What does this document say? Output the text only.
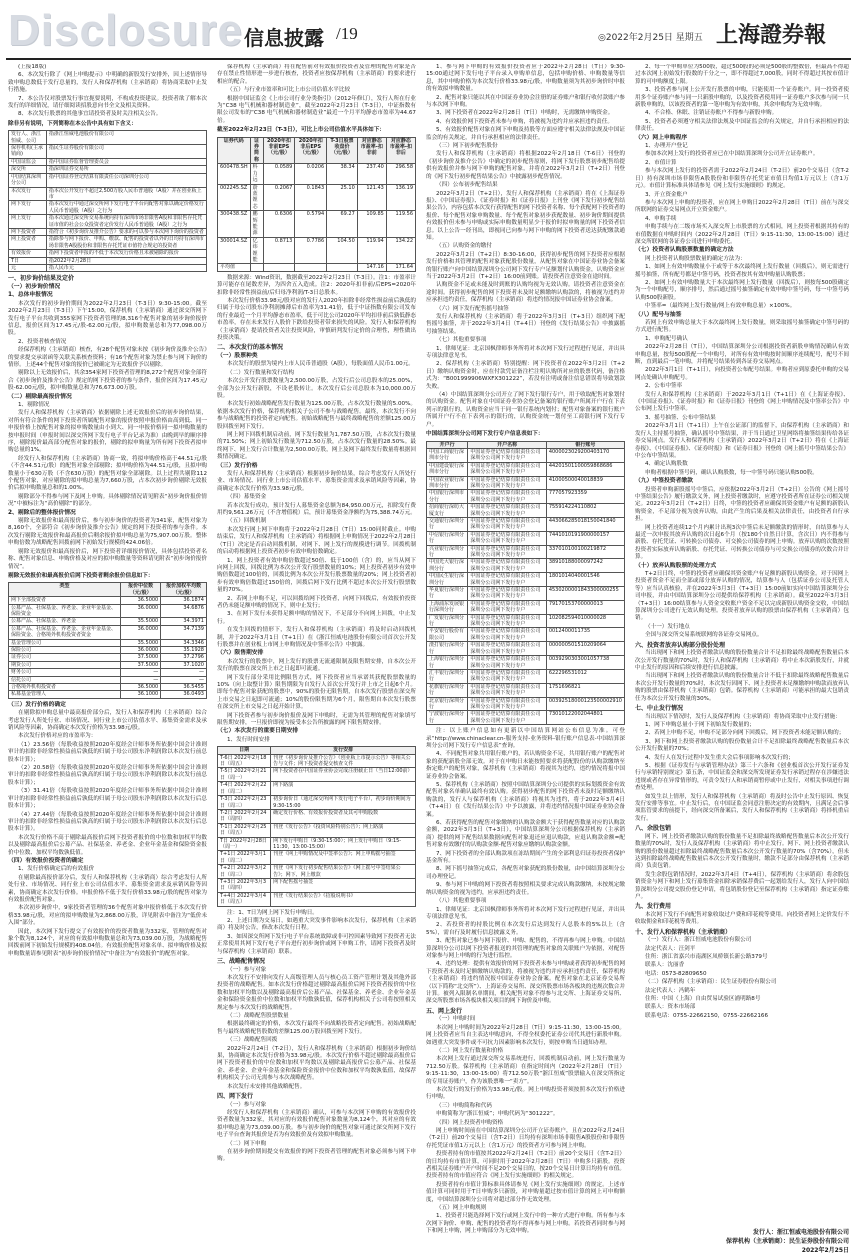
Disclosure 信息披露 /19	◎2022年2月25日 星期五 上海證券報

(上接18版)

6、本次发行除了《网上申购提示》中明确的新股发行安排外，因上述情形导致申购总数低于发行总量的，发行人和保荐机构（主承销商）将协商采取中止发行措施。

7、本公告仅对股票发行事宜扼要说明，不构成投资建议。投资者欲了解本次发行的详细情况，请仔细阅读招股意向书全文及相关资料。

8、本次发行股票的其他事宜请投资者及时关注相关公告。

除非另有说明，下列简称在本公告中具有如下含义：
发行人、浙江恒威、公司	指浙江恒威电池股份有限公司
保荐机构(主承销商)	指民生证券股份有限公司
中国证监会	指中国证券监督管理委员会
深交所	指深圳证券交易所
中国结算深圳分公司	指中国证券登记结算有限责任公司深圳分公司
本次发行	指本次公开发行不超过2,500万股人民币普通股（A股）并在创业板上市
网下发行	指本次发行中通过深交所网下发行电子平台向配售对象以确定价格发行人民币普通股（A股）之行为
网上发行	指本次通过深交所交易系统向持有深圳市场非限售A股和非限售存托凭证市值的社会公众投资者定价发行人民币普通股（A股）之行为
网下投资者	指符合《初步询价及推介公告》要求的可以参与本次网下询价的投资者
网上投资者	指除参与网下报价、申购、缴款、配售的投资者以外的日均持有深圳市场非限售A股股份和非限售存托凭证市值符合规定的投资者
有效报价	指网下投资者申报的不低于本次发行价格且未被剔除的报价
T日	指2022年2月28日
元	指人民币元
一、初步询价结果及定价
（一）初步询价情况
1、总体申报情况

本次发行的初步询价期间为2022年2月23日（T-3日）9:30-15:00。截至2022年2月23日（T-3日）下午15:00，保荐机构（主承销商）通过深交所网下发行电子平台共收到355家网下投资者管理的8,316个配售对象的初步询价报价信息，报价区间为17.45元/股-62.00元/股，拟申购数量总和为77,098.00万股。

2、投资者核查情况

经保荐机构（主承销商）核查，有28个配售对象未按《初步询价及推介公告》的要求提交承诺函等关联关系核查资料；有16个配售对象为禁止参与网下询价的情形。上述44个配售对象的报价已被确定为无效报价予以剔除。

剔除以上无效报价后，其余354家网下投资者管理的8,272个配售对象全部符合《初步询价及推介公告》规定的网下投资者的参与条件，报价区间为17.45元/股-62.00元/股，拟申购数量总和为76,673.00万股。

（二）剔除最高报价情况

1、剔除情况

发行人和保荐机构（主承销商）依据剔除上述无效报价后的初步询价结果，对所有符合条件的网下投资者所属配售对象的报价按照申报价格由高到低、同一申报价格上按配售对象的拟申购数量由小到大、同一申报价格同一拟申购数量的按申报时间（申报时间以深交所网下发行电子平台记录为准）由晚到早的顺序排序，剔除报价最高部分配售对象的报价，剔除的拟申购量为所有网下投资者拟申购总量的1%。

经发行人和保荐机构（主承销商）协商一致，将拟申购价格高于44.51元/股（不含44.51元/股）的配售对象全部剔除；拟申购价格为44.51元/股，且拟申购数量小于630万股（不含630万股）的配售对象全部剔除。以上过程共剔除112个配售对象，对应剔除的拟申购总量为7,660万股，占本次初步询价剔除无效报价后拟申购数量总和的1.00%。

剔除部分不得参与网下及网上申购。具体剔除情况请见附表“初步询价报价情况”中被标注为“高价剔除”的部分。

2、剔除后的整体报价情况

剔除无效报价和最高报价后，参与初步询价的投资者为341家，配售对象为8,160个，全部符合《初步询价及推介公告》规定的网下投资者的参与条件。本次发行剔除无效报价和最高报价后剩余报价拟申购总量为75,907.00万股。整体申购倍数为战略配售回拨前网下初始发行规模的424.06倍。

剔除无效报价和最高报价后，网下投资者详细报价情况，具体包括投资者名称、配售对象信息、申购价格及对应的拟申购数量等资料请见附表“初步询价报价情况”。

剔除无效报价和最高报价后网下投资者剩余报价信息如下：
类型	报价中位数（元/股）	报价加权平均数（元/股）
网下全部投资者	36.5000	36.1874
公募产品、社保基金、养老金、企业年金基金、保险资金	36.0000	34.6876
公募产品、社保基金、养老金	35.5000	34.3971
公募产品、社保基金、养老金、企业年金基金、保险资金、合格境外机构投资者资金	36.0000	34.7139
基金管理公司	35.5000	34.3346
保险公司	36.0000	35.1928
证券公司	37.5000	37.2796
期货公司	37.5000	37.1020
财务公司	—	—
信托公司	—	—
合格境外机构投资者	36.5000	36.5455
私募基金管理人	36.1000	36.0493
（三）发行价格的确定

在剔除拟申购总量中最高报价部分后，发行人和保荐机构（主承销商）综合考虑发行人所处行业、市场情况、同行业上市公司估值水平、募集资金需求及承销风险等因素，协商确定本次发行价格为33.98元/股。

本次发行价格对应的市盈率为：

（1）23.56倍（每股收益按照2020年度经会计师事务所依据中国会计准则审计的扣除非经常性损益前后孰低的归属于母公司股东净利润除以本次发行前总股本计算）；

（2）20.58倍（每股收益按照2020年度经会计师事务所依据中国会计准则审计的扣除非经常性损益前后孰高的归属于母公司股东净利润除以本次发行前总股本计算）；

（3）31.41倍（每股收益按照2020年度经会计师事务所依据中国会计准则审计的扣除非经常性损益前后孰低的归属于母公司股东净利润除以本次发行后总股本计算）；

（4）27.44倍（每股收益按照2020年度经会计师事务所依据中国会计准则审计的扣除非经常性损益前后孰高的归属于母公司股东净利润除以本次发行后总股本计算）。

本次发行价格不高于剔除最高报价后网下投资者报价的中位数和加权平均数以及剔除最高报价后公募产品、社保基金、养老金、企业年金基金和保险资金报价中位数、加权平均数孰低值。

（四）有效报价投资者的确定

1、发行价格确定后的有效报价

在剔除最高报价部分后，发行人和保荐机构（主承销商）综合考虑发行人所处行业、市场情况、同行业上市公司估值水平、募集资金需求及承销风险等因素，协商确定本次发行价格。申报价格不低于发行价格33.98元/股的配售对象为有效报价配售对象。

本次初步询价中，9家投资者管理的36个配售对象申报价格低于本次发行价格33.98元/股，对应的拟申购数量为2,868.00万股，详见附表中备注为“低价未入围”部分。

因此，本次网下发行提交了有效报价的投资者数量为332家，管理的配售对象个数为8,124个，对应的有效拟申购数量总和为73,039.00万股，为战略配售回拨前网下初始发行规模的408.04倍。有效报价配售对象名单、拟申购价格及拟申购数量请参见附表“初步询价报价情况”中备注为“有效报价”的配售对象。

保荐机构（主承销商）将在配售前对有效报价投资者及管理的配售对象是否存在禁止性情形进一步进行核查，投资者应按保荐机构（主承销商）的要求进行相应的配合。

（五）与行业市盈率和可比上市公司估值水平比较

根据中国证监会《上市公司行业分类指引》（2012年修订），发行人所在行业为“C38 电气机械和器材制造业”，截至2022年2月23日（T-3日），中证指数有限公司发布的“C38 电气机械和器材制造业”最近一个月平均静态市盈率为44.67倍。

截至2022年2月23日（T-3日），可比上市公司估值水平具体如下：
证券代码	证券简称	2020年扣非前EPS（元/股）	2020年扣非后EPS（元/股）	T-3日股票收盘价（元/股）	对应静态市盈率-扣非前	对应静态市盈率-扣非后
600478.SH	科力远	0.0589	0.0206	38.34	237.40	296.58
002245.SZ	蔚蓝锂芯	0.2067	0.1843	25.10	121.43	136.19
300438.SZ	鹏辉能源	0.6306	0.5794	69.27	109.85	119.56
300014.SZ	亿纬锂能	0.8713	0.7786	104.50	119.94	134.22
平均值					147.16	171.64

数据来源：Wind资讯，数据截至2022年2月23日（T-3日）。注1：市盈率计算可能存在尾数差异，为四舍五入造成。注2：2020年扣非前/后EPS=2020年扣除非经常性损益前/后归母净利润/T-3日总股本。

本次发行价格33.98元/股对应的发行人2020年扣除非经常性损益前后孰低的归属于母公司股东净利润摊薄后市盈率为31.41倍，低于中证指数有限公司发布的行业最近一个月平均静态市盈率，低于可比公司2020年平均扣非前后孰低静态市盈率，存在未来发行人股价下跌给投资者带来损失的风险。发行人和保荐机构（主承销商）提请投资者关注投资风险，审慎研判发行定价的合理性，理性做出投资决策。

二、本次发行的基本情况
（一）股票种类

本次发行的股票为境内上市人民币普通股（A股），每股面值人民币1.00元。

（二）发行数量和发行结构

本次公开发行股票数量为2,500.00万股，占发行后公司总股本的25.00%，全部为公开发行新股，不设老股转让。本次发行后公司总股本为10,000.00万股。

本次发行初始战略配售发行数量为125.00万股，占本次发行数量的5.00%。依据本次发行价格，保荐机构相关子公司不参与战略配售。最终，本次发行不向参与战略配售的投资者定向配售。初始战略配售与最终战略配售的差额125.00万股回拨至网下发行。

网上网下回拨机制启动前，网下发行数量为1,787.50万股，占本次发行数量的71.50%；网上初始发行数量为712.50万股，占本次发行数量的28.50%。最终网下、网上发行合计数量为2,500.00万股，网上及网下最终发行数量将根据回拨情况确定。

（三）发行价格

发行人和保荐机构（主承销商）根据初步询价结果，综合考虑发行人所处行业、市场情况、同行业上市公司估值水平、募集资金需求及承销风险等因素，协商确定本次发行价格为33.98元/股。

（四）募集资金

若本次发行成功，预计发行人募集资金总额为84,950.00万元，扣除发行费用约9,561.26万元（不含增值税）后，预计募集资金净额约为75,388.74万元。

（五）回拨机制

本次发行网上网下申购将于2022年2月28日（T日）15:00同时截止。申购结束后，发行人和保荐机构（主承销商）将根据网上申购情况于2022年2月28日（T日）决定是否启动回拨机制，对网下、网上发行的规模进行调节。回拨机制的启动将根据网上投资者初步有效申购倍数确定。

1、网上投资者有效申购倍数超过50倍、低于100倍（含）的，应当从网下向网上回拨，回拨比例为本次公开发行股票数量的10%；网上投资者初步有效申购倍数超过100倍的，回拨比例为本次公开发行股票数量的20%；网上投资者初步有效申购倍数超过150倍的，回拨后网下发行比例不超过本次公开发行股票数量的70%。

2、若网上申购不足，可以回拨给网下投资者，向网下回拨后，有效报价投资者仍未能足额申购的情况下，则中止发行；

3、在网下发行未获得足额申购的情况下，不足部分不向网上回拨，中止发行。

在发生回拨的情形下，发行人和保荐机构（主承销商）将及时启动回拨机制，并于2022年3月1日（T+1日）在《浙江恒威电池股份有限公司首次公开发行股票并在创业板上市网上申购情况及中签率公告》中披露。

（六）限售期安排

本次发行的股票中，网上发行的股票无流通限制及限售期安排，自本次公开发行的股票在深交所上市之日起即可流通。

网下发行部分采用比例限售方式，网下投资者应当承诺其获配股票数量的10%（向上取整计算）限售期限为自发行人首次公开发行并上市之日起6个月。即每个配售对象获配的股票中，90%的股份无限售期，自本次发行股票在深交所上市交易之日起即可流通；10%的股份限售期为6个月，限售期自本次发行股票在深交所上市交易之日起开始计算。

网下投资者参与初步询价报价及网下申购时，无需为其管理的配售对象填写限售期安排，一旦报价即视为接受本公告所披露的网下限售期安排。

（七）本次发行的重要日期安排

1、发行时间安排

日期	发行安排
T-6日 2022年2月18日（周五）	刊登《初步询价及推介公告》《创业板上市提示公告》等相关公告与文件；网下投资者提交核查文件
T-5日 2022年2月21日（周一）	网下投资者在中国证券业协会完成注册截止日（当日12:00前）
T-4日 2022年2月22日（周二）	网下路演
T-3日 2022年2月23日（周三）	初步询价日（通过深交所网下发行电子平台），初步询价期间为9:30-15:00
T-2日 2022年2月24日（周四）	确定发行价格、有效报价投资者及其可申购股数
T-1日 2022年2月25日（周五）	刊登《发行公告》《投资风险特别公告》；网上路演
T日 2022年2月28日（周一）	网下发行申购日（9:30-15:00）；网上发行申购日（9:15-11:30，13:00-15:00）
T+1日 2022年3月1日（周二）	刊登《网上申购情况及中签率公告》；网上申购摇号抽签
T+2日 2022年3月2日（周三）	刊登《网下发行初步配售结果公告》《网上摇号中签结果公告》；网下、网上缴款
T+3日 2022年3月3日（周四）	网下配售摇号抽签
T+4日 2022年3月4日（周五）	刊登《发行结果公告》《招股说明书》

注：1、T日为网上网下发行申购日。

2、上述日期为交易日，如遇重大突发事件影响本次发行，保荐机构（主承销商）将及时公告，修改本次发行日程。

3、如因深交所网下发行电子平台系统故障或非可控因素导致网下投资者无法正常使用其网下发行电子平台进行初步询价或网下申购工作，请网下投资者及时与保荐机构（主承销商）联系。

三、战略配售情况

（一）参与对象

本次发行不安排向发行人高级管理人员与核心员工资产管理计划及其他外部投资者的战略配售。如本次发行价格超过剔除最高报价后网下投资者报价的中位数和加权平均数以及剔除最高报价后公募产品、社保基金、养老金、企业年金基金和保险资金报价中位数和加权平均数孰低值，保荐机构相关子公司将按照相关规定参与本次发行的战略配售。

（二）战略配售股票数量

根据最终确定的价格，本次发行最终不向战略投资者定向配售。初始战略配售与最终战略配售股数的差额125.00万股回拨至网下发行。

（三）战略配售回拨

2022年2月24日（T-2日），发行人和保荐机构（主承销商）根据初步询价结果，协商确定本次发行价格为33.98元/股。本次发行价格不超过剔除最高报价后网下投资者报价的中位数和加权平均数以及剔除最高报价后公募产品、社保基金、养老金、企业年金基金和保险资金报价中位数和加权平均数孰低值，故保荐机构相关子公司无需参与本次战略配售。

本次发行未安排其他战略配售。

四、网下发行

（一）参与对象

经发行人和保荐机构（主承销商）确认，可参与本次网下申购的有效报价投资者数量为332家，其对应的有效报价配售对象数量为8,124个，其对应的有效拟申购总量为73,039.00万股。参与初步询价的配售对象可通过深交所网下发行电子平台查询其报价是否为有效报价及有效拟申购数量。

（二）网下申购

在初步询价期间提交有效报价的网下投资者管理的配售对象必须参与网下申购。

1、参与网下申购的有效报价投资者应于2022年2月28日（T日）9:30-15:00通过网下发行电子平台录入申购单信息，包括申购价格、申购数量等信息，其中申购价格为本次发行价格33.98元/股，申购数量须为其初步询价时申报的有效拟申购数量。

2、配售对象只能以其在中国证券业协会注册的证券账户和银行收付款账户参与本次网下申购。

3、网下投资者在2022年2月28日（T日）申购时，无需缴纳申购资金。

4、有效报价网下投资者未参与申购，将被视为违约并应承担违约责任。

5、有效报价配售对象在网下申购及持股等方面应遵守相关法律法规及中国证监会的有关规定，并自行承担相应的法律责任。

（三）网下初步配售股份

发行人和保荐机构（主承销商）将根据2022年2月18日（T-6日）刊登的《初步询价及推介公告》中确定的初步配售原则，将网下发行股票初步配售给提供有效报价并参与网下申购的配售对象，并将在2022年3月2日（T+2日）刊登的《网下发行初步配售结果公告》中披露初步配售情况。

（四）公布初步配售结果

2022年3月2日（T+2日），发行人和保荐机构（主承销商）将在《上海证券报》、《中国证券报》、《证券时报》和《证券日报》上刊登《网下发行初步配售结果公告》，内容包括本次发行获得配售的网下投资者名称、每个获配网下投资者的报价、每个配售对象申购数量、每个配售对象初步获配数量、初步询价期间提供有效报价但未参与申购或实际申购数量明显少于报价时拟申购量的网下投资者信息。以上公告一经刊出，即视同已向参与网下申购的网下投资者送达获配缴款通知。

（五）认购资金的缴付

2022年3月2日（T+2日）8:30-16:00，获得初步配售的网下投资者应根据发行价格和其管理的配售对象获配股份数量，从配售对象在中国证券业协会备案的银行账户向中国结算深圳分公司网下发行专户足额划付认购资金，认购资金应当于2022年3月2日（T+2日）16:00前到账。请投资者注意资金在途时间。

认购资金不足或未能及时到账的认购均视为无效认购。请投资者注意资金在途时间。获得初步配售的网下投资者未及时足额缴纳认购款的，将被视为违约并应承担违约责任，保荐机构（主承销商）将违约情况报中国证券业协会备案。

（六）网下发行配售摇号抽签

发行人和保荐机构（主承销商）将于2022年3月3日（T+3日）组织网下配售摇号抽签，并于2022年3月4日（T+4日）刊登的《发行结果公告》中披露摇号抽签结果。

（七）其他重要事项

1、律师见证：北京国枫律师事务所将对本次网下发行过程进行见证，并出具专项法律意见书。

2、保荐机构（主承销商）特别提醒：网下投资者在2022年3月2日（T+2日）缴纳认购资金时，应在付款凭证备注栏注明认购所对应的股票代码，备注格式为：“B001999906WXFX301222”，若没有注明或备注信息错误将导致划款失败。

（4）中国结算深圳分公司开立了网下发行银行专户，用于收取配售对象划付的认购资金。配售对象在中国证券业协会登记备案的银行账户所属开户行在下表列示的银行的，认购资金应当于同一银行系统内划付；配售对象备案的银行账户所属开户行不在下表列示的银行的，认购资金统一划付至工商银行网下发行专户。

中国结算深圳分公司网下发行专户信息表如下：
开户行	开户名称	银行账号
中国工商银行深圳市分行	中国证券登记结算有限责任公司深圳分公司网下发行专户	4000023029200403170
中国建设银行深圳市分行	中国证券登记结算有限责任公司深圳分公司网下发行专户	44201501100059868686
中国农业银行深圳市分行	中国证券登记结算有限责任公司深圳分公司网下发行专户	41000500040018839
中国银行深圳市分行	中国证券登记结算有限责任公司深圳分公司网下发行专户	777057923359
招商银行深纺大厦支行	中国证券登记结算有限责任公司深圳分公司网下发行专户	755914224110802
交通银行深圳分行	中国证券登记结算有限责任公司深圳分公司网下发行专户	443066285018150041840
中信银行深圳分行	中国证券登记结算有限责任公司深圳分公司网下发行专户	7441010191900000157
兴业银行深圳分行	中国证券登记结算有限责任公司深圳分公司网下发行专户	337010100100219872
中国光大银行深圳分行	中国证券登记结算有限责任公司深圳分公司网下发行专户	38910188000097242
中国民生银行深圳分行	中国证券登记结算有限责任公司深圳分公司网下发行专户	1801014040001546
华夏银行深圳分行	中国证券登记结算有限责任公司深圳分公司网下发行专户	4530200001843300000255
上海浦东发展银行深圳分行	中国证券登记结算有限责任公司深圳分公司网下发行专户	79170153700000013
广发银行深圳分行	中国证券登记结算有限责任公司深圳分公司网下发行专户	102082594010000028
平安银行股份有限公司	中国证券登记结算有限责任公司深圳分公司网下发行专户	0012400011735
渣打银行深圳分行	中国证券登记结算有限责任公司深圳分公司网下发行专户	000000501510209064
上海银行深圳分行	中国证券登记结算有限责任公司深圳分公司网下发行专户	0039290303001057738
汇丰银行深圳分行	中国证券登记结算有限责任公司深圳分公司网下发行专户	622296531012
花旗银行深圳分行	中国证券登记结算有限责任公司深圳分公司网下发行专户	1751696821
北京银行深圳分行	中国证券登记结算有限责任公司深圳分公司网下发行专户	00392518000123500002910
宁波银行深圳分行	中国证券登记结算有限责任公司深圳分公司网下发行专户	73010122002044801

注：以上账户信息如有更新以中国结算网站公布信息为准。可登录“http://www.chinaclear.cn-服务支持-业务资料-银行账户信息表-中国结算深圳分公司网下发行专户信息表”查询。

4、不同配售对象共用银行账户的，若认购资金不足，共用银行账户的配售对象的获配新股全部无效。对于在申购日未能按照要求将获配股份的认购款缴纳至指定账户的配售对象，保荐机构（主承销商）将视其为违约，违约情况将报中国证券业协会备案。

5、保荐机构（主承销商）按照中国结算深圳分公司提供的实际划拨资金有效配售对象名单确认最终有效认购。获得初步配售的网下投资者未及时足额缴纳认购款的，发行人与保荐机构（主承销商）将视其为违约，将于2022年3月4日（T+4日）在《发行结果公告》中予以披露，并将违约情况报中国证券业协会备案。

6、若获得配售的配售对象缴纳的认购款金额大于获得配售数量对应的认购款金额，2022年3月3日（T+3日），中国结算深圳分公司根据保荐机构（主承销商）提供的网下配售结果数据向配售对象退还应退认购款，应退认购款金额=配售对象有效缴付的认购款金额-配售对象应缴纳认购款金额。

7、网下投资者的全部认购款项在冻结期间产生的全部利息归证券投资者保护基金所有。

8、网下摇号抽签完成后，各配售对象获配的股份数量，由中国结算深圳分公司办理登记。

9、参与网下申购的网下投资者将按照相关要求完成认购款缴纳，未按规定缴纳认购资金的视为违约，应承担违约责任。

（八）其他重要事项

1、律师见证：北京国枫律师事务所将对本次网下发行过程进行见证，并出具专项法律意见书。

2、若投资者的持股比例在本次发行后达到发行人总股本的5%以上（含5%），需自行及时履行信息披露义务。

3、配售对象已参与网下报价、申购、配售的，不得再参与网上申购。中国结算深圳分公司以网下投资者报送的其管理的配售对象的关联账户为依据，对配售对象参与网上申购的行为进行监控。

4、违约处理：提供有效报价的网下投资者未参与申购或者获得初步配售的网下投资者未及时足额缴纳认购款的，将被视为违约并应承担违约责任，保荐机构（主承销商）将违约情况报中国证券业协会备案。配售对象在北京证券交易所（以下简称“北交所”）、上海证券交易所、深交所股票市场各板块的违规次数合并计算。被列入限制名单期间，相关配售对象不得参与北交所、上海证券交易所、深交所股票市场各板块相关项目的网下询价及申购。

五、网上发行

（一）申购时间

本次网上申购时间为2022年2月28日（T日）9:15-11:30，13:00-15:00。网上投资者应当自主表达申购意向，不得全权委托证券公司代其进行新股申购。如遇重大突发事件或不可抗力因素影响本次发行，则按申购当日通知办理。

（二）网上发行数量和价格

本次网上发行通过深交所交易系统进行，回拨机制启动前，网上发行数量为712.50万股。保荐机构（主承销商）在指定时间内（2022年2月28日（T日）9:15-11:30，13:00-15:00）将712.50万股“浙江恒威”股票输入在深交所指定的专用证券账户，作为该股票唯一“卖方”。

本次发行的发行价格为33.98元/股。网上申购投资者须按照本次发行价格进行申购。

（三）申购简称和代码

申购简称为“浙江恒威”；申购代码为“301222”。

（四）网上投资者申购资格

网上申购时间前在中国结算深圳分公司开立证券账户，且在2022年2月24日（T-2日）前20个交易日（含T-2日）日均持有深圳市场非限售A股股份和非限售存托凭证市值1万元以上（含1万元）的投资者方可参与网上申购。

投资者持有的市值按其2022年2月24日（T-2日）前20个交易日（含T-2日）的日均持有市值计算，可同时用于2022年2月28日（T日）申购多只新股。投资者相关证券账户开户时间不足20个交易日的，按20个交易日计算日均持有市值。投资者持有的市值应符合《网上发行实施细则》的相关规定。

投资者持有市值计算标准具体请参见《网上发行实施细则》的规定。上述市值计算可同时用于T日申购多只新股，对申购量超过按市值计算的网上可申购额度，中国结算深圳分公司将对超过部分作无效处理。

（五）网上申购规则

1、投资者只能选择网下发行或网上发行中的一种方式进行申购。所有参与本次网下询价、申购、配售的投资者均不得再参与网上申购。若投资者同时参与网下和网上申购，网上申购部分为无效申购。

2、每一个申购单位为500股，超过500股的必须是500股的整数倍，但最高不得超过本次网上初始发行股数的千分之一，即不得超过7,000股，同时不得超过其按市值计算的可申购额度上限。

3、投资者参与网上公开发行股票的申购，只能使用一个证券账户。同一投资者使用多个证券账户参与同一只新股申购的，以及投资者使用同一证券账户多次参与同一只新股申购的，以该投资者的第一笔申购为有效申购，其余申购均为无效申购。

4、不合格、休眠、注销证券账户不得参与新股申购。

5、投资者必须遵守相关法律法规及中国证监会的有关规定，并自行承担相应的法律责任。

（六）网上申购程序

1、办理开户登记

参加本次网上发行的投资者应已在中国结算深圳分公司开立证券账户。

2、市值计算

参与本次网上发行的投资者需于2022年2月24日（T-2日）前20个交易日（含T-2日）持有深圳市场非限售A股股份和非限售存托凭证市值日均值1万元以上（含1万元）。市值计算标准具体请参见《网上发行实施细则》的规定。

3、开立资金账户

参与本次网上申购的投资者，应在网上申购日2022年2月28日（T日）前在与深交所联网的证券交易网点开立资金账户。

4、申购手续

申购手续与在二级市场买入深交所上市股票的方式相同，网上投资者根据其持有的市值数据在申购时间内（2022年2月28日（T日）9:15-11:30，13:00-15:00）通过深交所联网的各证券公司进行申购委托。

（七）投资者认购股票数量的确定方法

网上投资者认购股票数量的确定方法为：

1、如网上有效申购数量小于或等于本次最终网上发行数量（回拨后），则无需进行摇号抽签，所有配号都是中签号码，投资者按其有效申购量认购股票；

2、如网上有效申购数量大于本次最终网上发行数量（回拨后），则按每500股确定为一个申购配号，顺序排号，然后通过摇号抽签确定有效申购中签号码，每一中签号码认购500股新股。

中签率=（最终网上发行数量/网上有效申购总量）×100%。

（八）配号与抽签

若网上有效申购总量大于本次最终网上发行数量，则采取摇号抽签确定中签号码的方式进行配售。

1、申购配号确认

2022年2月28日（T日），中国结算深圳分公司根据投资者新股申购情况确认有效申购总量，按每500股配一个申购号，对所有有效申购按时间顺序连续配号，配号不间断，直到最后一笔申购，并将配号结果传到各证券交易网点。

2022年3月1日（T+1日），向投资者公布配号结果。申购者应到原委托申购的交易网点处确认申购配号。

2、公布中签率

发行人和保荐机构（主承销商）于2022年3月1日（T+1日）在《上海证券报》、《中国证券报》、《证券时报》和《证券日报》刊登的《网上申购情况及中签率公告》中公布网上发行中签率。

3、摇号抽签、公布中签结果

2022年3月1日（T+1日）上午在公证部门的监督下，由保荐机构（主承销商）和发行人主持摇号抽签，确认摇号中签结果，并于当日通过卫星网络将抽签结果传给各证券交易网点。发行人和保荐机构（主承销商）2022年3月2日（T+2日）将在《上海证券报》、《中国证券报》、《证券时报》和《证券日报》刊登的《网上摇号中签结果公告》中公布中签结果。

4、确定认购股数

申购者根据中签号码，确认认购股数，每一中签号码只能认购500股。

（九）中签投资者缴款

投资者申购新股摇号中签后，应依据2022年3月2日（T+2日）公告的《网上摇号中签结果公告》履行缴款义务，网上投资者缴款时，应遵守投资者所在证券公司相关规定。2022年3月2日（T+2日）日终，中签的投资者应确保其资金账户有足额的新股认购资金，不足部分视为放弃认购，由此产生的后果及相关法律责任，由投资者自行承担。

网上投资者连续12个月内累计出现3次中签后未足额缴款的情形时，自结算参与人最近一次申报其放弃认购的次日起6个月（按180个自然日计算，含次日）内不得参与新股、存托凭证、可转换公司债券、可交换公司债券的网上申购。放弃认购的次数按照投资者实际放弃认购新股、存托凭证、可转换公司债券与可交换公司债券的次数合并计算。

（十）放弃认购股票的处理方式

T+2日日终，中签的投资者应确保其资金账户有足额的新股认购资金。对于因网上投资者资金不足而全部或部分放弃认购的情况，结算参与人（包括证券公司及托管人等）应当认真核验，并在2022年3月3日（T+3日）15:00前如实向中国结算深圳分公司申报，并由中国结算深圳分公司提供给保荐机构（主承销商）。截至2022年3月3日（T+3日）16:00结算参与人资金交收账户资金不足以完成新股认购资金交收，中国结算深圳分公司进行无效认购处理。投资者放弃认购的股票由保荐机构（主承销商）包销。

（十一）发行地点

全国与深交所交易系统联网的各证券交易网点。

六、投资者放弃认购部分股份处理

当出现网下和网上投资者缴款认购的股份数量合计不足扣除最终战略配售数量后本次公开发行数量的70%时，发行人和保荐机构（主承销商）将中止本次新股发行，并就中止发行的原因和后续安排进行信息披露。

当出现网下和网上投资者缴款认购的股份数量合计不低于扣除最终战略配售数量后本次公开发行数量的70%时，本次发行因网下、网上投资者未足额缴纳申购款而放弃认购的股票由保荐机构（主承销商）包销。保荐机构（主承销商）可能承担的最大包销责任为本次公开发行数量的30%。

七、中止发行情况

当出现以下情况时，发行人及保荐机构（主承销商）将协商采取中止发行措施：

1、网下申购总量小于网下初始发行数量的；

2、若网上申购不足，申购不足部分向网下回拨后，网下投资者未能足额认购的；

3、网下和网上投资者缴款认购的股份数量合计不足扣除最终战略配售数量后本次公开发行数量的70%；

4、发行人在发行过程中发生重大会后事项影响本次发行的；

5、根据《证券发行与承销管理办法》第三十六条和《创业板首次公开发行证券发行与承销特别规定》第五条，中国证监会和深交所发现证券发行承销过程存在涉嫌违法违规或者存在异常情形的，可责令发行人和承销商暂停或中止发行，对相关事项进行调查处理。

如发生以上情形，发行人和保荐机构（主承销商）将及时公告中止发行原因、恢复发行安排等事宜。中止发行后，在中国证监会同意注册决定的有效期内，且满足会后事项监管要求的前提下，经向深交所备案后，发行人和保荐机构（主承销商）将择机重启发行。

八、余股包销

网下、网上投资者缴款认购的股份数量不足扣除最终战略配售数量后本次公开发行数量的70%时，发行人及保荐机构（主承销商）将中止发行。网下、网上投资者缴款认购的股份数量超过扣除最终战略配售数量后本次公开发行数量的70%（含70%），但未达到扣除最终战略配售数量后本次公开发行数量时，缴款不足部分由保荐机构（主承销商）负责包销。

发生余股包销情况时，2022年3月4日（T+4日），保荐机构（主承销商）将余股包销资金与网下和网上发行募集资金扣除承销保荐费后一起划给发行人，发行人向中国结算深圳分公司提交股份登记申请，将包销股份登记至保荐机构（主承销商）指定证券账户。

九、发行费用

本次网下发行不向配售对象收取过户费和印花税等费用。向投资者网上定价发行不收取佣金和印花税等费用。

十、发行人和保荐机构（主承销商）

（一）发行人：浙江恒威电池股份有限公司

法定代表人：汪剑平

住所：浙江省嘉兴市南湖区凤桥镇长新公路379号

联系人：沈丽香

电话：0573-82809650

（二）保荐机构（主承销商）：民生证券股份有限公司

法定代表人：冯鹤年

住所：中国（上海）自由贸易试验区浦明路8号

联系人：资本市场部

联系电话：0755-22662150，0755-22662166

发行人：浙江恒威电池股份有限公司
保荐机构（主承销商）：民生证券股份有限公司
2022年2月25日
